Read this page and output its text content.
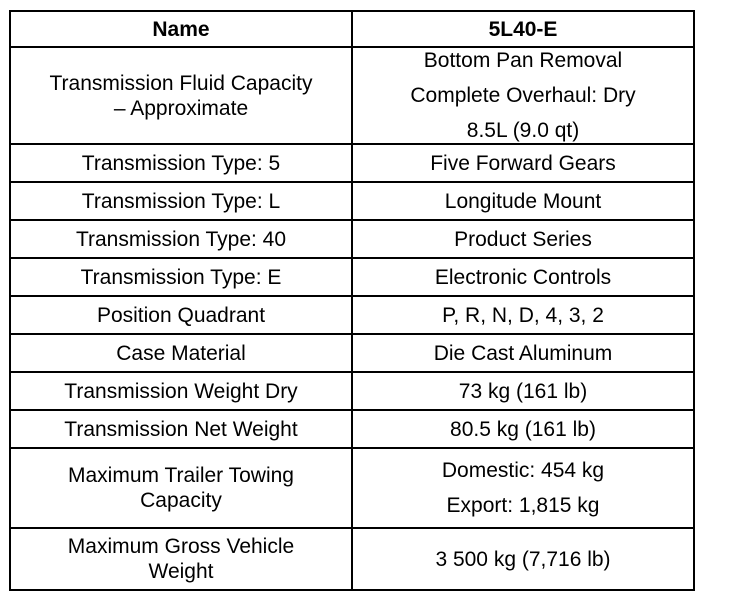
Name	5L40-E

Transmission Fluid Capacity
– Approximate	Bottom Pan Removal
Complete Overhaul: Dry
8.5L (9.0 qt)

Transmission Type: 5	Five Forward Gears
Transmission Type: L	Longitude Mount
Transmission Type: 40	Product Series
Transmission Type: E	Electronic Controls
Position Quadrant	P, R, N, D, 4, 3, 2
Case Material	Die Cast Aluminum
Transmission Weight Dry	73 kg (161 lb)
Transmission Net Weight	80.5 kg (161 lb)

Maximum Trailer Towing
Capacity	Domestic: 454 kg
Export: 1,815 kg

Maximum Gross Vehicle
Weight	3 500 kg (7,716 lb)
